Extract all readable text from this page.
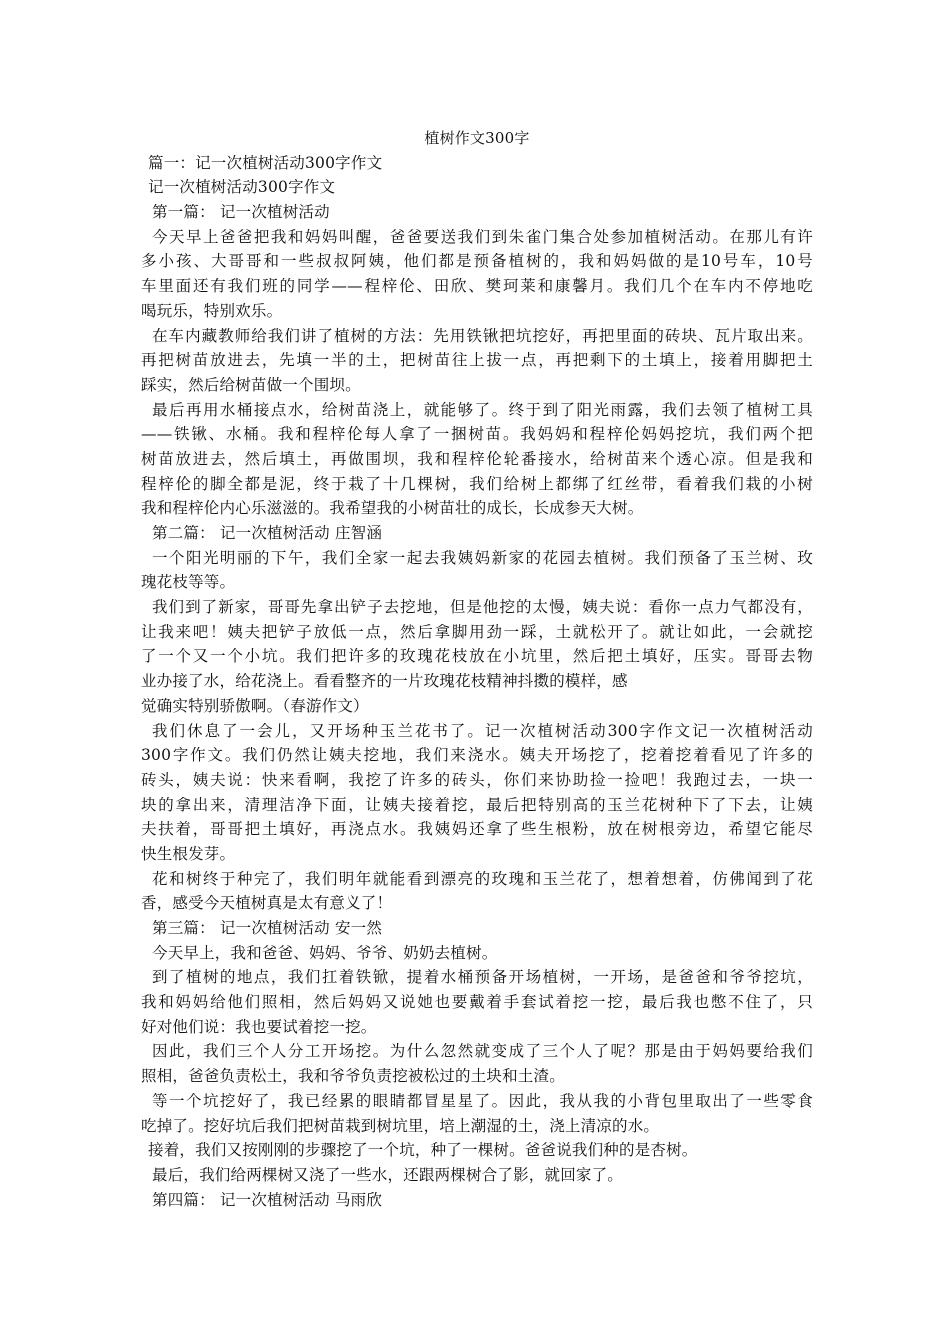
植树作文300字
篇一：记一次植树活动300字作文
记一次植树活动300字作文
第一篇： 记一次植树活动
今天早上爸爸把我和妈妈叫醒，爸爸要送我们到朱雀门集合处参加植树活动。在那儿有许
多小孩、大哥哥和一些叔叔阿姨，他们都是预备植树的，我和妈妈做的是10号车，10号
车里面还有我们班的同学——程梓伦、田欣、樊珂莱和康馨月。我们几个在车内不停地吃
喝玩乐，特别欢乐。
在车内藏教师给我们讲了植树的方法：先用铁锹把坑挖好，再把里面的砖块、瓦片取出来。
再把树苗放进去，先填一半的土，把树苗往上拔一点，再把剩下的土填上，接着用脚把土
踩实，然后给树苗做一个围坝。
最后再用水桶接点水，给树苗浇上，就能够了。终于到了阳光雨露，我们去领了植树工具
——铁锹、水桶。我和程梓伦每人拿了一捆树苗。我妈妈和程梓伦妈妈挖坑，我们两个把
树苗放进去，然后填土，再做围坝，我和程梓伦轮番接水，给树苗来个透心凉。但是我和
程梓伦的脚全都是泥，终于栽了十几棵树，我们给树上都绑了红丝带，看着我们栽的小树
我和程梓伦内心乐滋滋的。我希望我的小树苗壮的成长，长成参天大树。
第二篇： 记一次植树活动 庄智涵
一个阳光明丽的下午，我们全家一起去我姨妈新家的花园去植树。我们预备了玉兰树、玫
瑰花枝等等。
我们到了新家，哥哥先拿出铲子去挖地，但是他挖的太慢，姨夫说：看你一点力气都没有，
让我来吧！姨夫把铲子放低一点，然后拿脚用劲一踩，土就松开了。就让如此，一会就挖
了一个又一个小坑。我们把许多的玫瑰花枝放在小坑里，然后把土填好，压实。哥哥去物
业办接了水，给花浇上。看看整齐的一片玫瑰花枝精神抖擞的模样，感
觉确实特别骄傲啊。（春游作文）
我们休息了一会儿，又开场种玉兰花书了。记一次植树活动300字作文记一次植树活动
300字作文。我们仍然让姨夫挖地，我们来浇水。姨夫开场挖了，挖着挖着看见了许多的
砖头，姨夫说：快来看啊，我挖了许多的砖头，你们来协助捡一捡吧！我跑过去，一块一
块的拿出来，清理洁净下面，让姨夫接着挖，最后把特别高的玉兰花树种下了下去，让姨
夫扶着，哥哥把土填好，再浇点水。我姨妈还拿了些生根粉，放在树根旁边，希望它能尽
快生根发芽。
花和树终于种完了，我们明年就能看到漂亮的玫瑰和玉兰花了，想着想着，仿佛闻到了花
香，感受今天植树真是太有意义了！
第三篇： 记一次植树活动 安一然
今天早上，我和爸爸、妈妈、爷爷、奶奶去植树。
到了植树的地点，我们扛着铁锨，提着水桶预备开场植树，一开场，是爸爸和爷爷挖坑，
我和妈妈给他们照相，然后妈妈又说她也要戴着手套试着挖一挖，最后我也憋不住了，只
好对他们说：我也要试着挖一挖。
因此，我们三个人分工开场挖。为什么忽然就变成了三个人了呢？那是由于妈妈要给我们
照相，爸爸负责松土，我和爷爷负责挖被松过的土块和土渣。
等一个坑挖好了，我已经累的眼睛都冒星星了。因此，我从我的小背包里取出了一些零食
吃掉了。挖好坑后我们把树苗栽到树坑里，培上潮湿的土，浇上清凉的水。
接着，我们又按刚刚的步骤挖了一个坑，种了一棵树。爸爸说我们种的是杏树。
最后，我们给两棵树又浇了一些水，还跟两棵树合了影，就回家了。
第四篇： 记一次植树活动 马雨欣
